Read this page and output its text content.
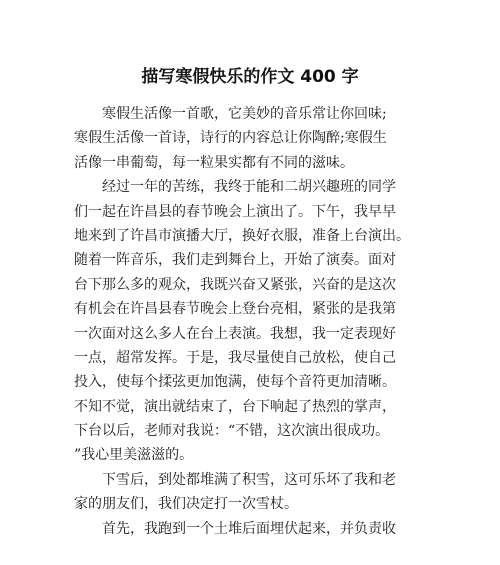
描写寒假快乐的作文 400 字
寒假生活像一首歌，它美妙的音乐常让你回味;
寒假生活像一首诗，诗行的内容总让你陶醉;寒假生
活像一串葡萄，每一粒果实都有不同的滋味。
经过一年的苦练，我终于能和二胡兴趣班的同学
们一起在许昌县的春节晚会上演出了。下午，我早早
地来到了许昌市演播大厅，换好衣服，准备上台演出。
随着一阵音乐，我们走到舞台上，开始了演奏。面对
台下那么多的观众，我既兴奋又紧张，兴奋的是这次
有机会在许昌县春节晚会上登台亮相，紧张的是我第
一次面对这么多人在台上表演。我想，我一定表现好
一点，超常发挥。于是，我尽量使自己放松，使自己
投入，使每个揉弦更加饱满，使每个音符更加清晰。
不知不觉，演出就结束了，台下响起了热烈的掌声，
下台以后，老师对我说：“不错，这次演出很成功。
”我心里美滋滋的。
下雪后，到处都堆满了积雪，这可乐坏了我和老
家的朋友们，我们决定打一次雪杖。
首先，我跑到一个土堆后面埋伏起来，并负责收
